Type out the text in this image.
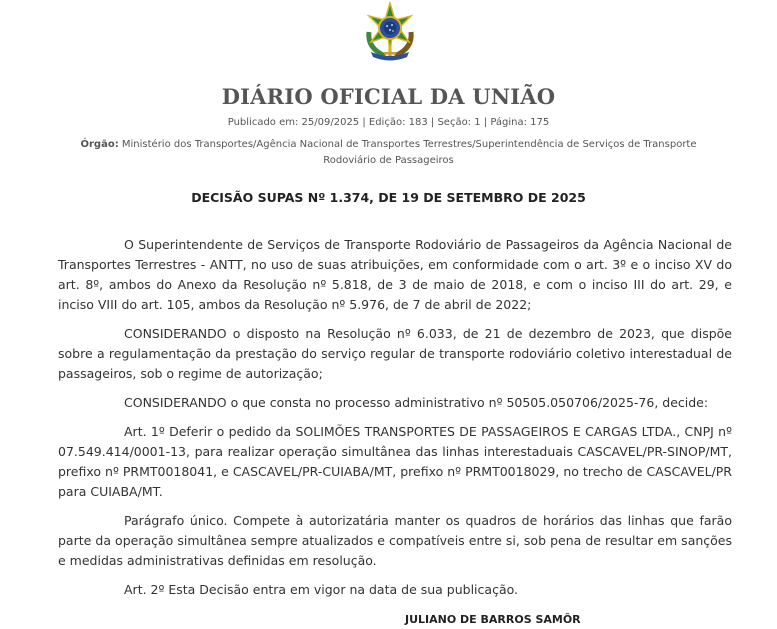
DIÁRIO OFICIAL DA UNIÃO
Publicado em: 25/09/2025 | Edição: 183 | Seção: 1 | Página: 175
Órgão: Ministério dos Transportes/Agência Nacional de Transportes Terrestres/Superintendência de Serviços de Transporte Rodoviário de Passageiros
DECISÃO SUPAS Nº 1.374, DE 19 DE SETEMBRO DE 2025

O Superintendente de Serviços de Transporte Rodoviário de Passageiros da Agência Nacional de Transportes Terrestres - ANTT, no uso de suas atribuições, em conformidade com o art. 3º e o inciso XV do art. 8º, ambos do Anexo da Resolução nº 5.818, de 3 de maio de 2018, e com o inciso III do art. 29, e inciso VIII do art. 105, ambos da Resolução nº 5.976, de 7 de abril de 2022;

CONSIDERANDO o disposto na Resolução nº 6.033, de 21 de dezembro de 2023, que dispõe sobre a regulamentação da prestação do serviço regular de transporte rodoviário coletivo interestadual de passageiros, sob o regime de autorização;

CONSIDERANDO o que consta no processo administrativo nº 50505.050706/2025-76, decide:

Art. 1º Deferir o pedido da SOLIMÕES TRANSPORTES DE PASSAGEIROS E CARGAS LTDA., CNPJ nº 07.549.414/0001-13, para realizar operação simultânea das linhas interestaduais CASCAVEL/PR-SINOP/MT, prefixo nº PRMT0018041, e CASCAVEL/PR-CUIABA/MT, prefixo nº PRMT0018029, no trecho de CASCAVEL/PR para CUIABA/MT.

Parágrafo único. Compete à autorizatária manter os quadros de horários das linhas que farão parte da operação simultânea sempre atualizados e compatíveis entre si, sob pena de resultar em sanções e medidas administrativas definidas em resolução.

Art. 2º Esta Decisão entra em vigor na data de sua publicação.

JULIANO DE BARROS SAMÔR
